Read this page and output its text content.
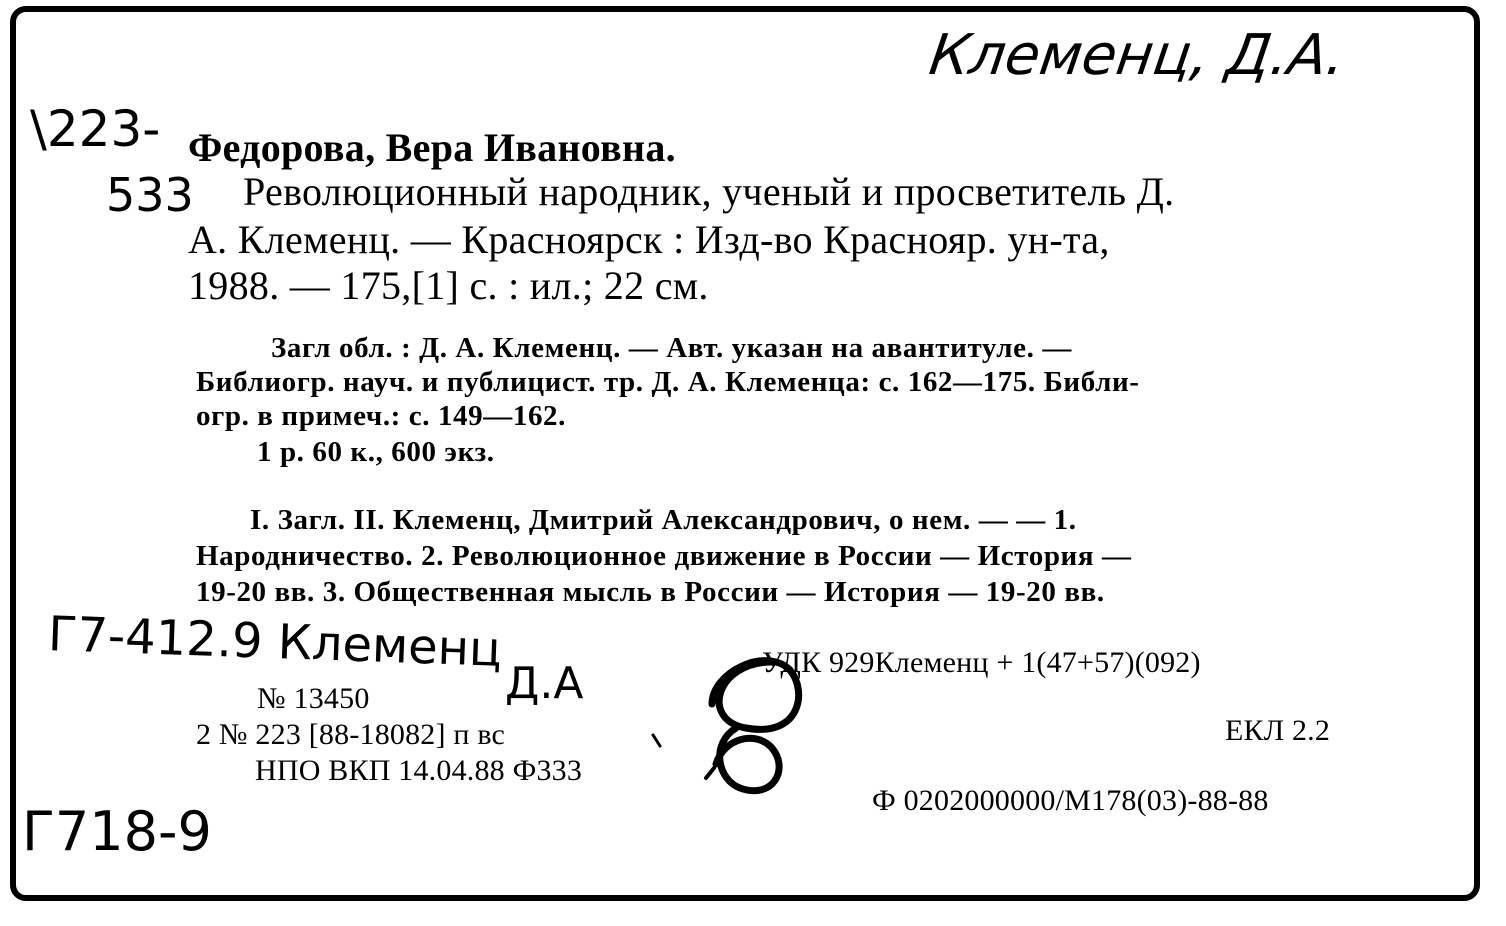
Клеменц, Д.А.
\223-
533
Г7-412.9 Клеменц
Д.А
Г718-9
Федорова, Вера Ивановна.
Революционный народник, ученый и просветитель Д.
А. Клеменц. — Красноярск : Изд-во Краснояр. ун-та,
1988. — 175,[1] с. : ил.; 22 см.
Загл обл. : Д. А. Клеменц. — Авт. указан на авантитуле. —
Библиогр. науч. и публицист. тр. Д. А. Клеменца: с. 162—175. Библи-
огр. в примеч.: с. 149—162.
1 р. 60 к., 600 экз.
I. Загл. II. Клеменц, Дмитрий Александрович, о нем. — — 1.
Народничество. 2. Революционное движение в России — История —
19-20 вв. 3. Общественная мысль в России — История — 19-20 вв.
№ 13450
2 № 223 [88-18082] п вс
НПО ВКП 14.04.88 Ф333
УДК 929Клеменц + 1(47+57)(092)
ЕКЛ 2.2
Ф 0202000000/М178(03)-88-88
